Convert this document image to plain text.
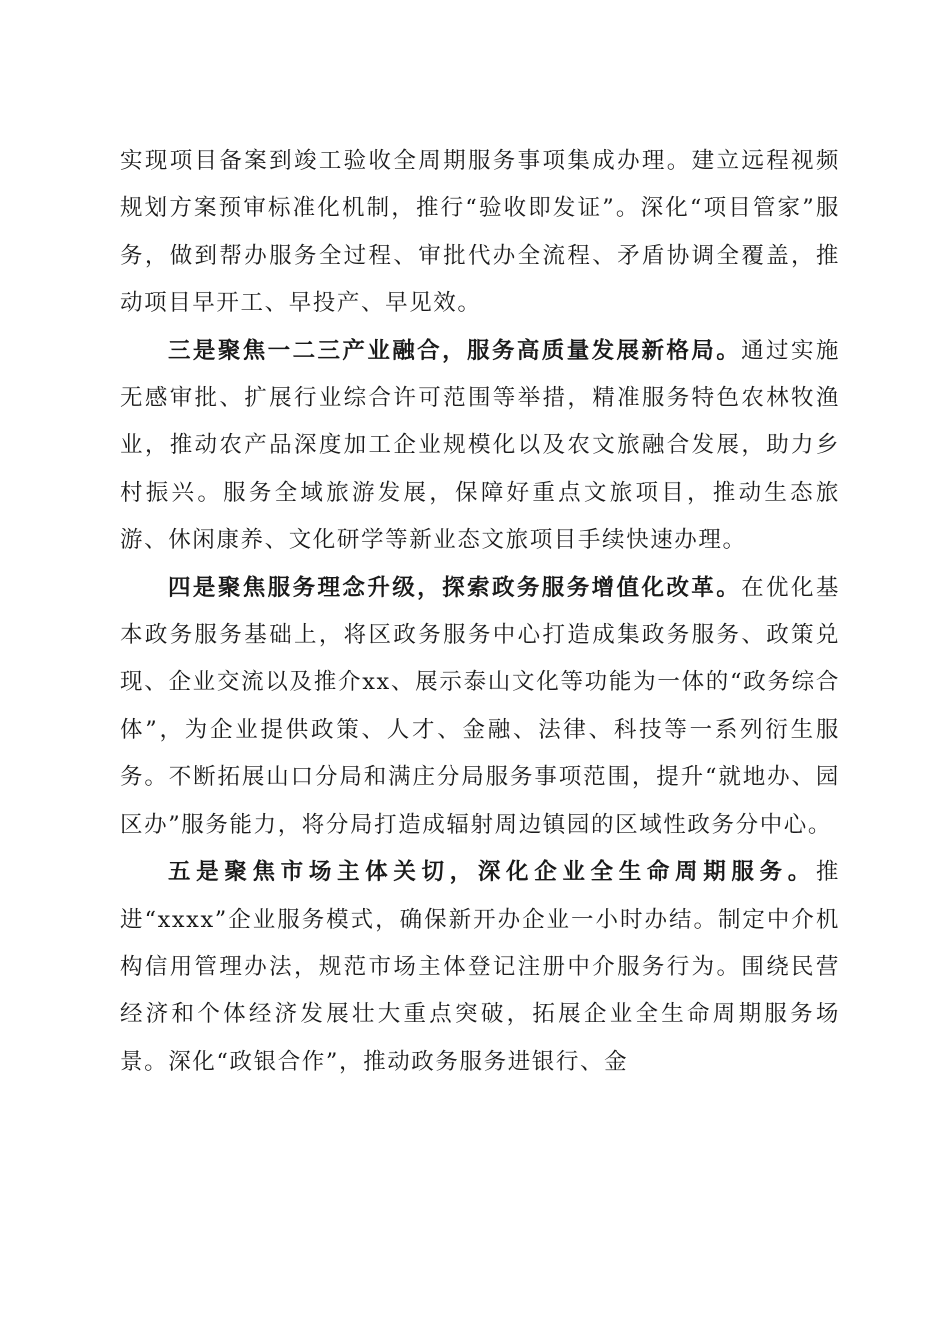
实现项目备案到竣工验收全周期服务事项集成办理。建立远程视频规划方案预审标准化机制，推行“验收即发证”。深化“项目管家”服务，做到帮办服务全过程、审批代办全流程、矛盾协调全覆盖，推动项目早开工、早投产、早见效。

三是聚焦一二三产业融合，服务高质量发展新格局。通过实施无感审批、扩展行业综合许可范围等举措，精准服务特色农林牧渔业，推动农产品深度加工企业规模化以及农文旅融合发展，助力乡村振兴。服务全域旅游发展，保障好重点文旅项目，推动生态旅游、休闲康养、文化研学等新业态文旅项目手续快速办理。

四是聚焦服务理念升级，探索政务服务增值化改革。在优化基本政务服务基础上，将区政务服务中心打造成集政务服务、政策兑现、企业交流以及推介xx、展示泰山文化等功能为一体的“政务综合体”，为企业提供政策、人才、金融、法律、科技等一系列衍生服务。不断拓展山口分局和满庄分局服务事项范围，提升“就地办、园区办”服务能力，将分局打造成辐射周边镇园的区域性政务分中心。

五是聚焦市场主体关切，深化企业全生命周期服务。推进“xxxx”企业服务模式，确保新开办企业一小时办结。制定中介机构信用管理办法，规范市场主体登记注册中介服务行为。围绕民营经济和个体经济发展壮大重点突破，拓展企业全生命周期服务场景。深化“政银合作”，推动政务服务进银行、金
